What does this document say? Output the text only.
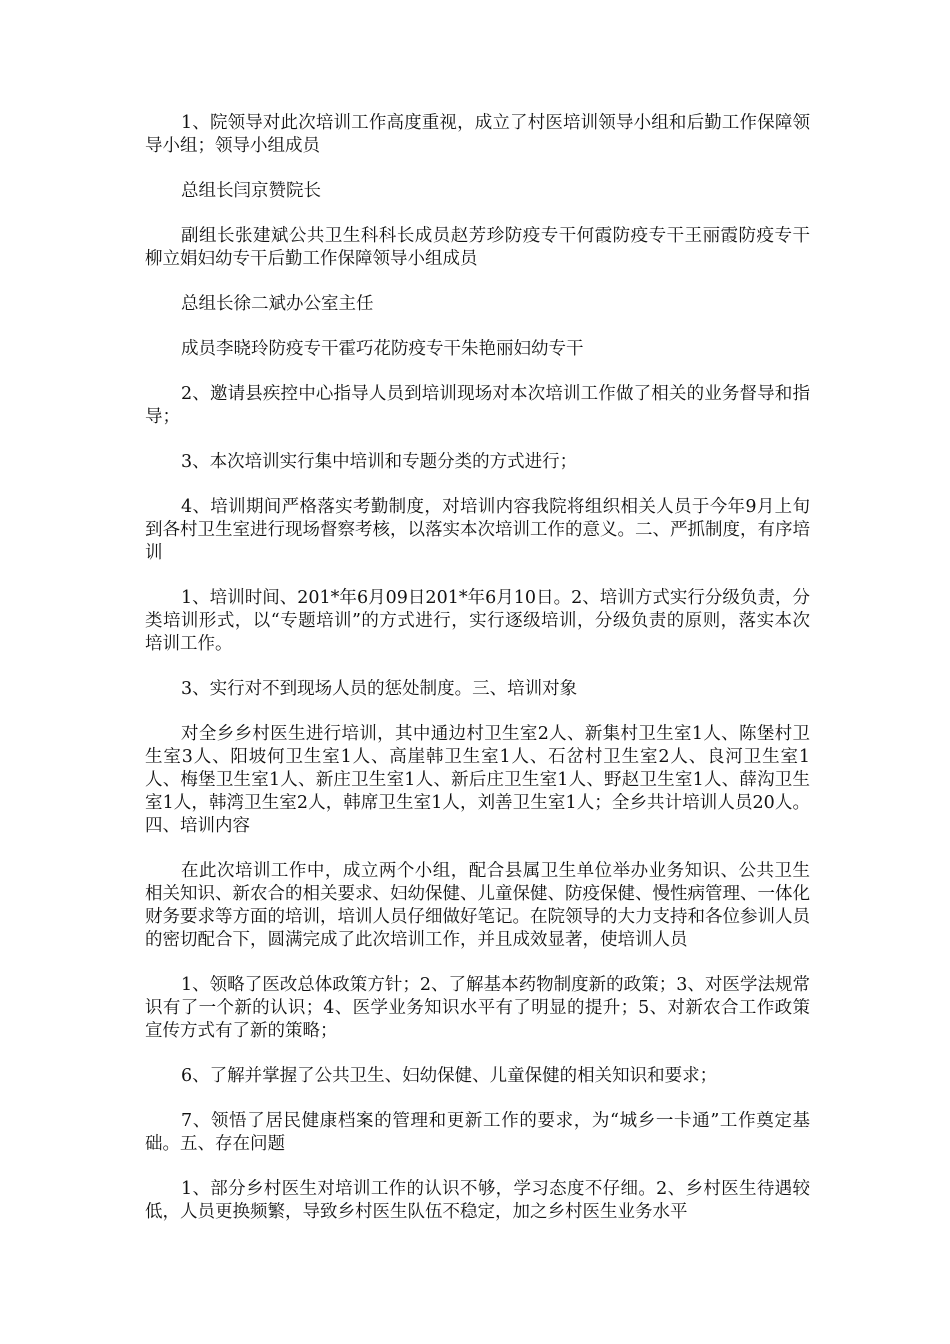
1、院领导对此次培训工作高度重视，成立了村医培训领导小组和后勤工作保障领导小组；领导小组成员

总组长闫京赞院长

副组长张建斌公共卫生科科长成员赵芳珍防疫专干何霞防疫专干王丽霞防疫专干柳立娟妇幼专干后勤工作保障领导小组成员

总组长徐二斌办公室主任

成员李晓玲防疫专干霍巧花防疫专干朱艳丽妇幼专干

2、邀请县疾控中心指导人员到培训现场对本次培训工作做了相关的业务督导和指导；

3、本次培训实行集中培训和专题分类的方式进行；

4、培训期间严格落实考勤制度，对培训内容我院将组织相关人员于今年9月上旬到各村卫生室进行现场督察考核，以落实本次培训工作的意义。二、严抓制度，有序培训

1、培训时间、201*年6月09日201*年6月10日。2、培训方式实行分级负责，分类培训形式，以“专题培训”的方式进行，实行逐级培训，分级负责的原则，落实本次培训工作。

3、实行对不到现场人员的惩处制度。三、培训对象

对全乡乡村医生进行培训，其中通边村卫生室2人、新集村卫生室1人、陈堡村卫生室3人、阳坡何卫生室1人、高崖韩卫生室1人、石岔村卫生室2人、良河卫生室1人、梅堡卫生室1人、新庄卫生室1人、新后庄卫生室1人、野赵卫生室1人、薛沟卫生室1人，韩湾卫生室2人，韩席卫生室1人，刘善卫生室1人；全乡共计培训人员20人。四、培训内容

在此次培训工作中，成立两个小组，配合县属卫生单位举办业务知识、公共卫生相关知识、新农合的相关要求、妇幼保健、儿童保健、防疫保健、慢性病管理、一体化财务要求等方面的培训，培训人员仔细做好笔记。在院领导的大力支持和各位参训人员的密切配合下，圆满完成了此次培训工作，并且成效显著，使培训人员

1、领略了医改总体政策方针；2、了解基本药物制度新的政策；3、对医学法规常识有了一个新的认识；4、医学业务知识水平有了明显的提升；5、对新农合工作政策宣传方式有了新的策略；

6、了解并掌握了公共卫生、妇幼保健、儿童保健的相关知识和要求；

7、领悟了居民健康档案的管理和更新工作的要求，为“城乡一卡通”工作奠定基础。五、存在问题

1、部分乡村医生对培训工作的认识不够，学习态度不仔细。2、乡村医生待遇较低，人员更换频繁，导致乡村医生队伍不稳定，加之乡村医生业务水平
